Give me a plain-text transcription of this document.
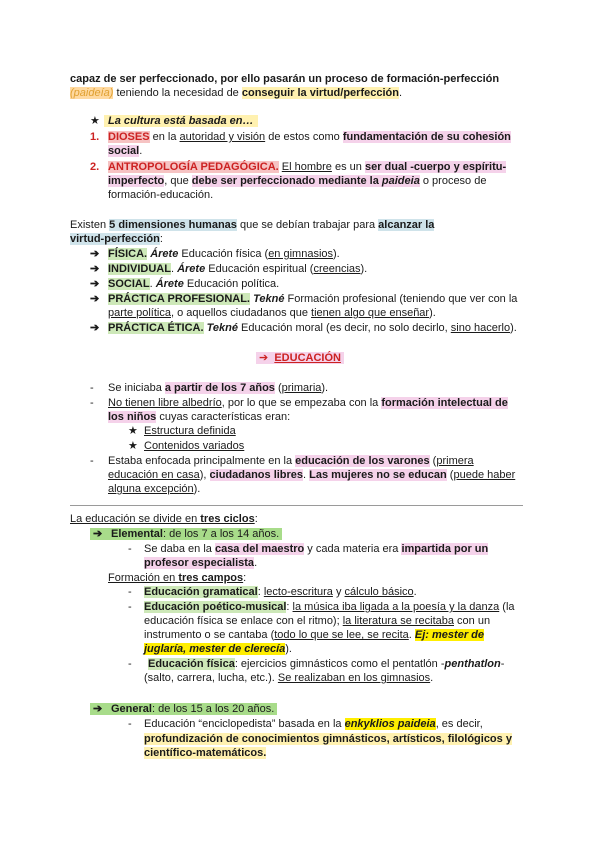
capaz de ser perfeccionado, por ello pasarán un proceso de formación-perfección
(paideía) teniendo la necesidad de conseguir la virtud/perfección.
★ La cultura está basada en…
1. DIOSES en la autoridad y visión de estos como fundamentación de su cohesión
social.
2. ANTROPOLOGÍA PEDAGÓGICA. El hombre es un ser dual -cuerpo y espíritu-
imperfecto, que debe ser perfeccionado mediante la paideia o proceso de
formación-educación.
Existen 5 dimensiones humanas que se debían trabajar para alcanzar la
virtud-perfección:
➔ FÍSICA. Árete Educación física (en gimnasios).
➔ INDIVIDUAL. Árete Educación espiritual (creencias).
➔ SOCIAL. Árete Educación política.
➔ PRÁCTICA PROFESIONAL. Tekné Formación profesional (teniendo que ver con la
parte política, o aquellos ciudadanos que tienen algo que enseñar).
➔ PRÁCTICA ÉTICA. Tekné Educación moral (es decir, no solo decirlo, sino hacerlo).
➔ EDUCACIÓN
- Se iniciaba a partir de los 7 años (primaria).
- No tienen libre albedrío, por lo que se empezaba con la formación intelectual de
los niños cuyas características eran:
★ Estructura definida
★ Contenidos variados
- Estaba enfocada principalmente en la educación de los varones (primera
educación en casa), ciudadanos libres. Las mujeres no se educan (puede haber
alguna excepción).
La educación se divide en tres ciclos:
➔ Elemental: de los 7 a los 14 años.
- Se daba en la casa del maestro y cada materia era impartida por un
profesor especialista.
Formación en tres campos:
- Educación gramatical: lecto-escritura y cálculo básico.
- Educación poético-musical: la música iba ligada a la poesía y la danza (la
educación física se enlace con el ritmo); la literatura se recitaba con un
instrumento o se cantaba (todo lo que se lee, se recita. Ej: mester de
juglaría, mester de clerecía).
- Educación física: ejercicios gimnásticos como el pentatlón -penthatlon-
(salto, carrera, lucha, etc.). Se realizaban en los gimnasios.
➔ General: de los 15 a los 20 años.
- Educación “enciclopedista” basada en la enkyklios paideia, es decir,
profundización de conocimientos gimnásticos, artísticos, filológicos y
científico-matemáticos.
